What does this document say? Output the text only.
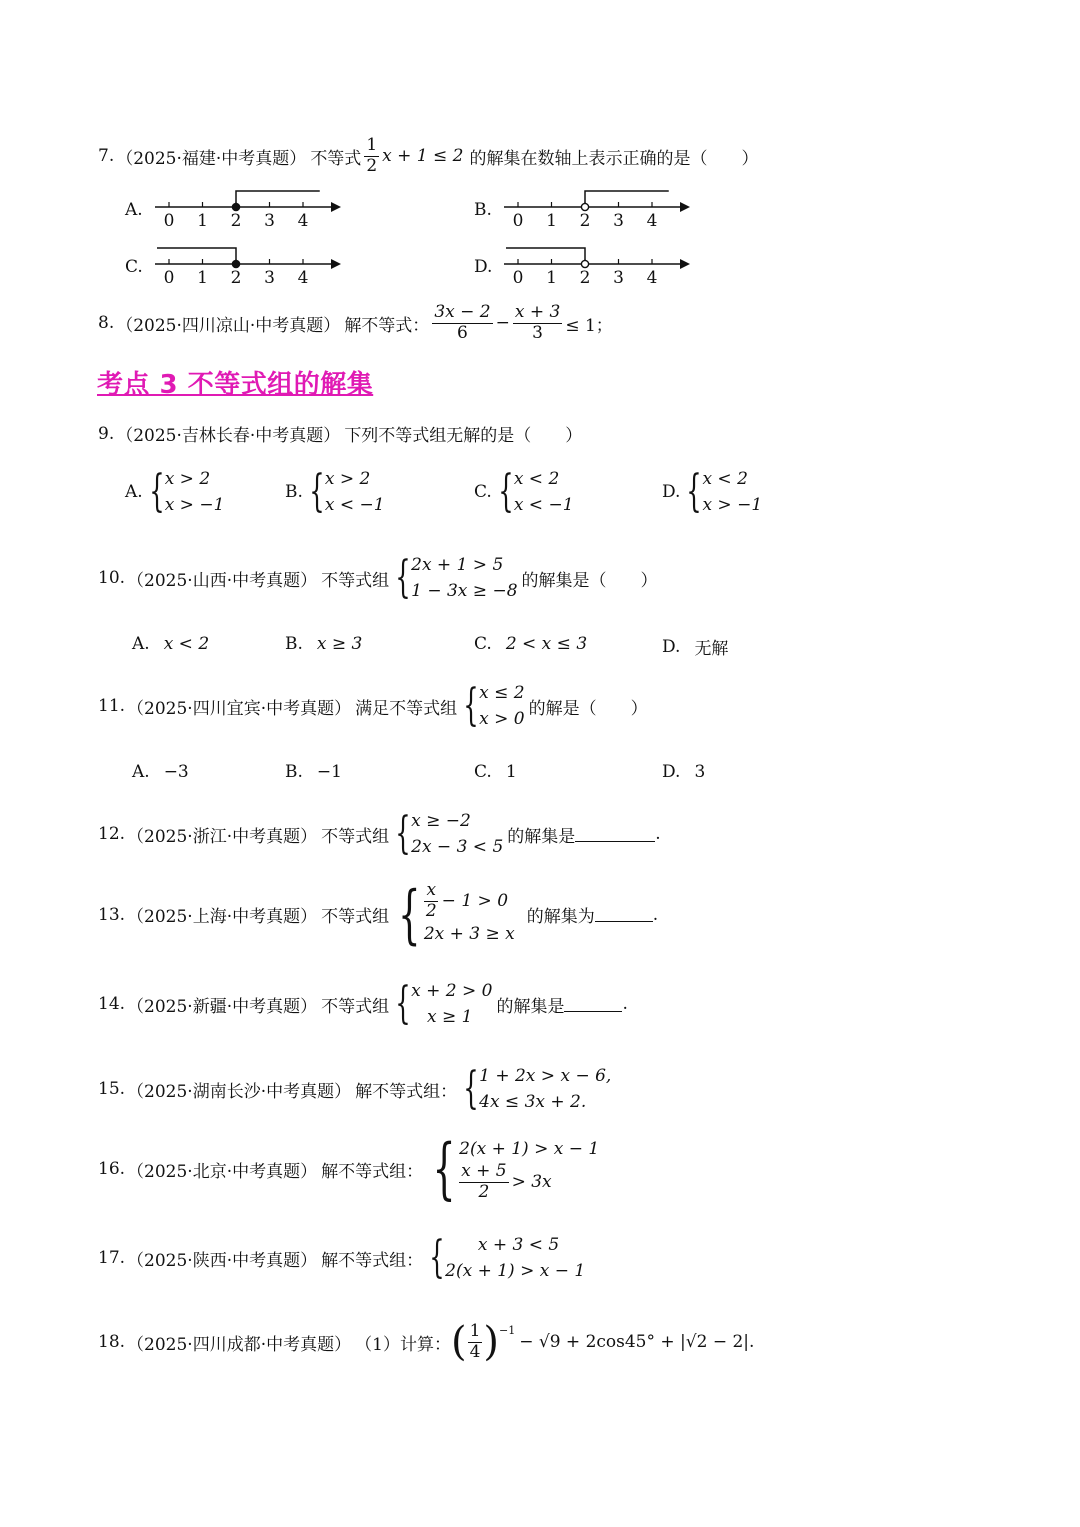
7. （2025·福建·中考真题） 不等式 $\frac{1}{2}$ x + 1 ≤ 2 的解集在数轴上表示正确的是（　　）
A.
0 1 2 3 4
B.
0 1 2 3 4
C.
0 1 2 3 4
D.
0 1 2 3 4
8. （2025·四川凉山·中考真题） 解不等式： $\frac{3x - 2}{6} - \frac{x + 3}{3} \le 1$；
考点 3 不等式组的解集
9. （2025·吉林长春·中考真题） 下列不等式组无解的是（　　）
A. { x > 2
x > −1
B. { x > 2
x < −1
C. { x < 2
x < −1
D. { x < 2
x > −1
10. （2025·山西·中考真题） 不等式组 { 2x + 1 > 5
1 − 3x ≥ −8
的解集是（　　）
A. x < 2	B. x ≥ 3	C. 2 < x ≤ 3	D. 无解
11. （2025·四川宜宾·中考真题） 满足不等式组 { x ≤ 2
x > 0
的解是（　　）
A. −3	B. −1	C. 1	D. 3
12. （2025·浙江·中考真题） 不等式组 { x ≥ −2
2x − 3 < 5
的解集是	.
13. （2025·上海·中考真题） 不等式组 { $\frac{x}{2} - 1 > 0$
2x + 3 ≥ x
的解集为	.
14. （2025·新疆·中考真题） 不等式组 { x + 2 > 0
x ≥ 1
的解集是	.
15. （2025·湖南长沙·中考真题） 解不等式组： { 1 + 2x > x − 6,
4x ≤ 3x + 2.
16. （2025·北京·中考真题） 解不等式组： { 2(x + 1) > x − 1
$\frac{x + 5}{2} > 3x$
17. （2025·陕西·中考真题） 解不等式组： { x + 3 < 5
2(x + 1) > x − 1
18. （2025·四川成都·中考真题） （1）计算： ( $\frac{1}{4}$ ) −1
− √9 + 2cos45° + |√2 − 2|.
